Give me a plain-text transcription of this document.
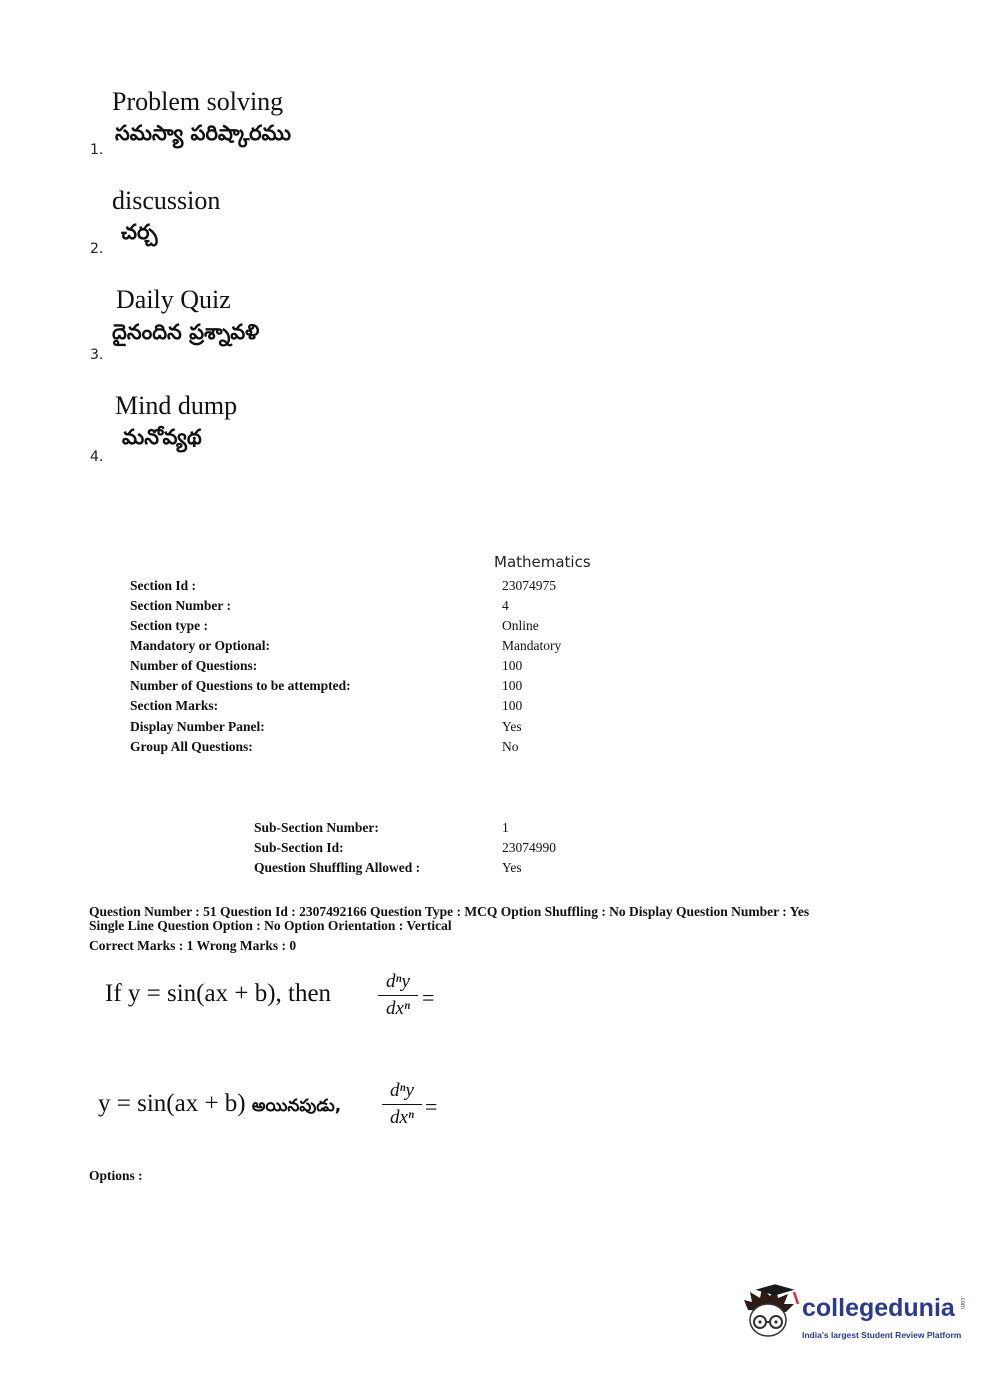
Problem solving
సమస్యా పరిష్కారము
1.
discussion
చర్చ
2.
Daily Quiz
దైనందిన ప్రశ్నావళి
3.
Mind dump
మనోవ్యథ
4.
Mathematics
Section Id :	23074975
Section Number :	4
Section type :	Online
Mandatory or Optional:	Mandatory
Number of Questions:	100
Number of Questions to be attempted:	100
Section Marks:	100
Display Number Panel:	Yes
Group All Questions:	No
Sub-Section Number:	1
Sub-Section Id:	23074990
Question Shuffling Allowed :	Yes
Question Number : 51 Question Id : 2307492166 Question Type : MCQ Option Shuffling : No Display Question Number : Yes
Single Line Question Option : No Option Orientation : Vertical
Correct Marks : 1 Wrong Marks : 0
If y = sin(ax + b), then	dⁿy
dxⁿ =
y = sin(ax + b) అయినపుడు,
dⁿy
dxⁿ =
Options :
collegedunia .com
India's largest Student Review Platform
